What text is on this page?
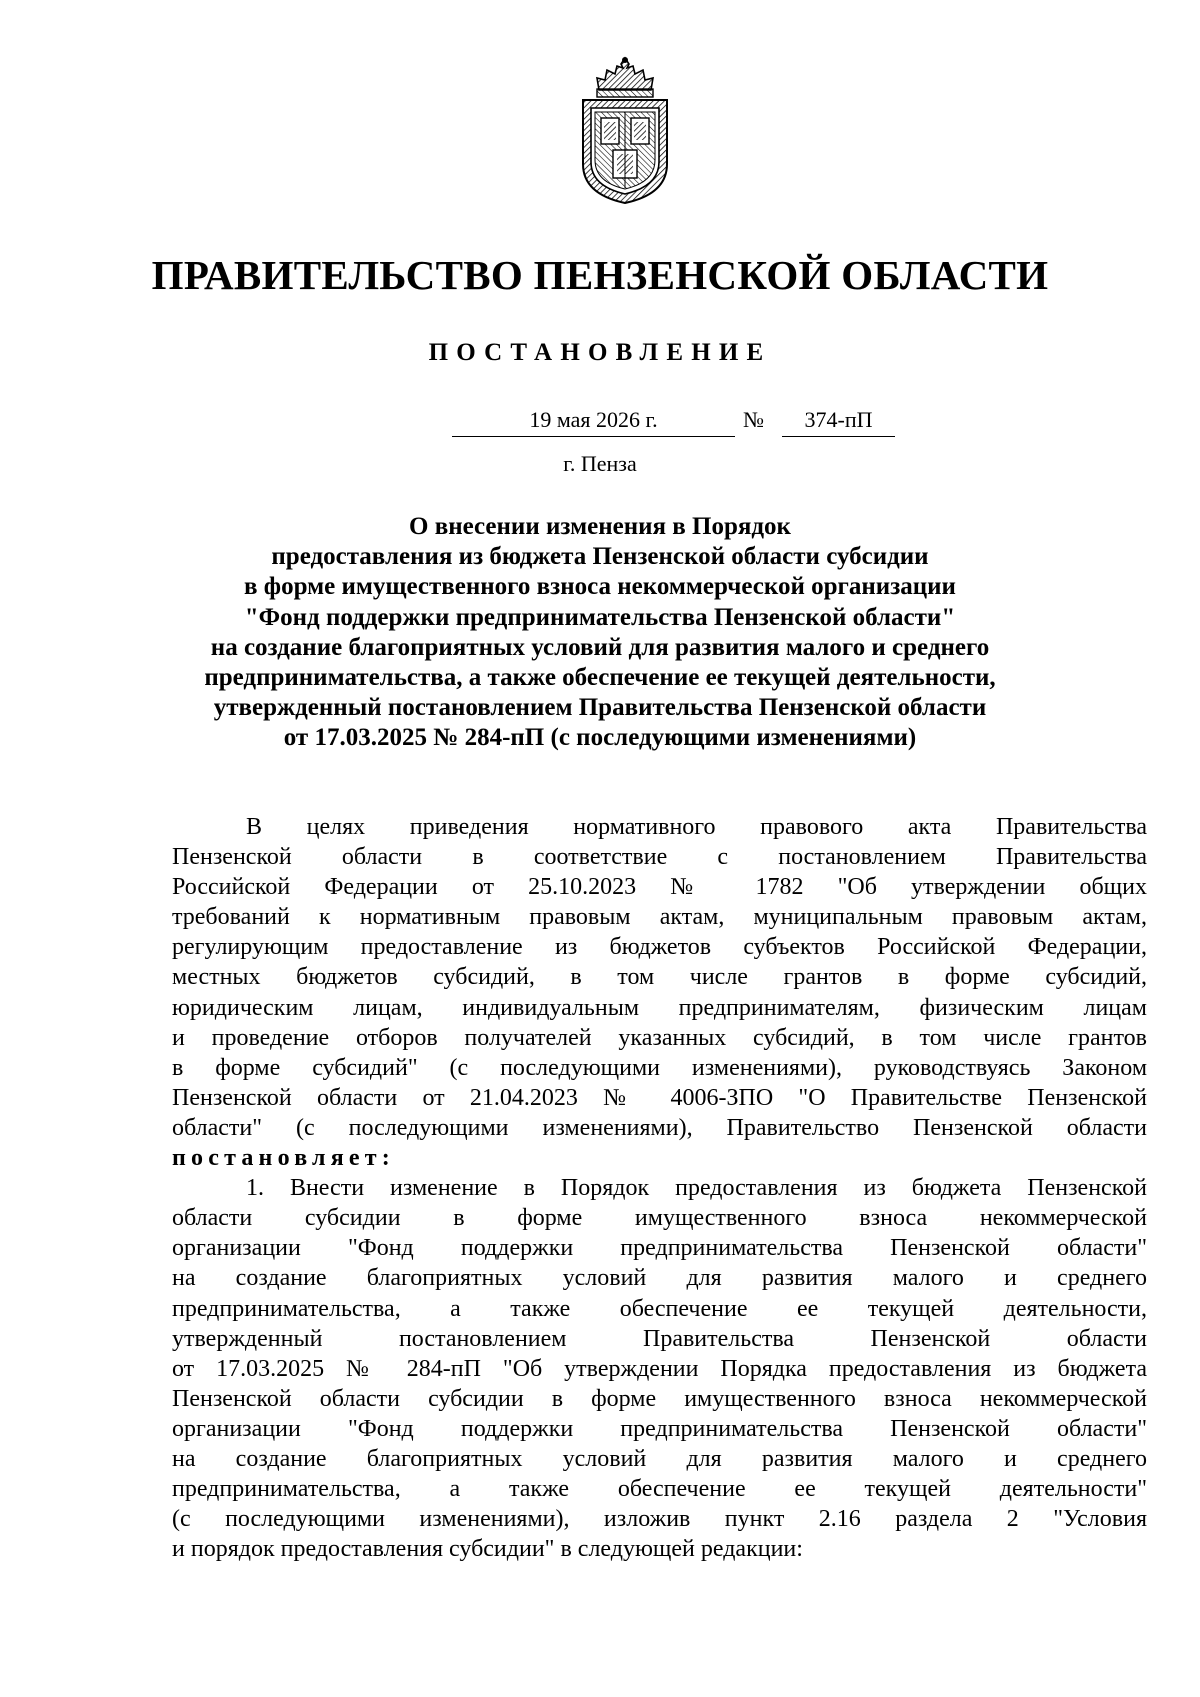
ПРАВИТЕЛЬСТВО ПЕНЗЕНСКОЙ ОБЛАСТИ
ПОСТАНОВЛЕНИЕ
19 мая 2026 г.	№	374-пП
г. Пенза
О внесении изменения в Порядок
предоставления из бюджета Пензенской области субсидии
в форме имущественного взноса некоммерческой организации
"Фонд поддержки предпринимательства Пензенской области"
на создание благоприятных условий для развития малого и среднего
предпринимательства, а также обеспечение ее текущей деятельности,
утвержденный постановлением Правительства Пензенской области
от 17.03.2025 № 284-пП (с последующими изменениями)
В целях приведения нормативного правового акта Правительства
Пензенской области в соответствие с постановлением Правительства
Российской Федерации от 25.10.2023 № 1782 "Об утверждении общих
требований к нормативным правовым актам, муниципальным правовым актам,
регулирующим предоставление из бюджетов субъектов Российской Федерации,
местных бюджетов субсидий, в том числе грантов в форме субсидий,
юридическим лицам, индивидуальным предпринимателям, физическим лицам
и проведение отборов получателей указанных субсидий, в том числе грантов
в форме субсидий" (с последующими изменениями), руководствуясь Законом
Пензенской области от 21.04.2023 № 4006-ЗПО "О Правительстве Пензенской
области" (с последующими изменениями), Правительство Пензенской области
постановляет:
1. Внести изменение в Порядок предоставления из бюджета Пензенской
области субсидии в форме имущественного взноса некоммерческой
организации "Фонд поддержки предпринимательства Пензенской области"
на создание благоприятных условий для развития малого и среднего
предпринимательства, а также обеспечение ее текущей деятельности,
утвержденный постановлением Правительства Пензенской области
от 17.03.2025 № 284-пП "Об утверждении Порядка предоставления из бюджета
Пензенской области субсидии в форме имущественного взноса некоммерческой
организации "Фонд поддержки предпринимательства Пензенской области"
на создание благоприятных условий для развития малого и среднего
предпринимательства, а также обеспечение ее текущей деятельности"
(с последующими изменениями), изложив пункт 2.16 раздела 2 "Условия
и порядок предоставления субсидии" в следующей редакции:
